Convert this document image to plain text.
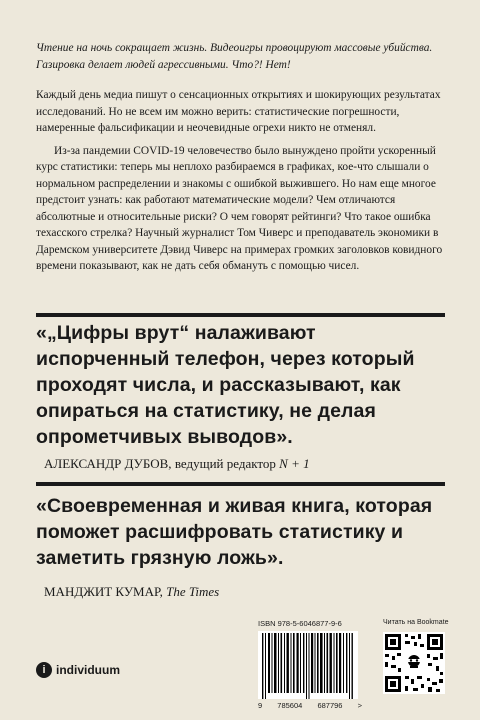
Чтение на ночь сокращает жизнь. Видеоигры провоцируют массовые убийства. Газировка делает людей агрессивными. Что?! Нет!

Каждый день медиа пишут о сенсационных открытиях и шокирующих результатах исследований. Но не всем им можно верить: статистические погрешности, намеренные фальсификации и неочевидные огрехи никто не отменял.

Из-за пандемии COVID-19 человечество было вынуждено пройти ускоренный курс статистики: теперь мы неплохо разбираемся в графиках, кое-что слышали о нормальном распределении и знакомы с ошибкой выжившего. Но нам еще многое предстоит узнать: как работают математические модели? Чем отличаются абсолютные и относительные риски? О чем говорят рейтинги? Что такое ошибка техасского стрелка? Научный журналист Том Чиверс и преподаватель экономики в Даремском университете Дэвид Чиверс на примерах громких заголовков ковидного времени показывают, как не дать себя обмануть с помощью чисел.

«„Цифры врут“ налаживают испорченный телефон, через который проходят числа, и рассказывают, как опираться на статистику, не делая опрометчивых выводов».
АЛЕКСАНДР ДУБОВ, ведущий редактор N + 1
«Своевременная и живая книга, которая поможет расшифровать статистику и заметить грязную ложь».
МАНДЖИТ КУМАР, The Times
i individuum
ISBN 978-5-6046877-9-6
9 785604 687796 >
Читать на Bookmate
